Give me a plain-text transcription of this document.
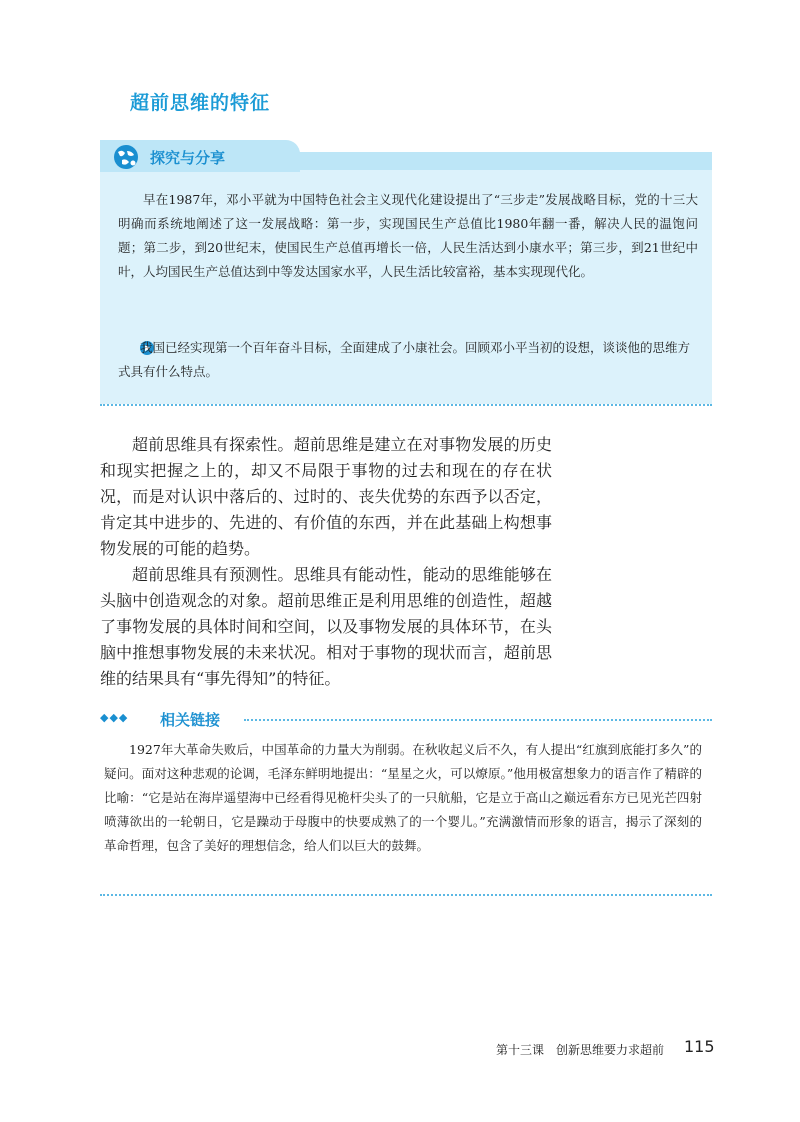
超前思维的特征
探究与分享
早在1987年，邓小平就为中国特色社会主义现代化建设提出了“三步走”发展战略目标，党的十三大明确而系统地阐述了这一发展战略：第一步，实现国民生产总值比1980年翻一番，解决人民的温饱问题；第二步，到20世纪末，使国民生产总值再增长一倍，人民生活达到小康水平；第三步，到21世纪中叶，人均国民生产总值达到中等发达国家水平，人民生活比较富裕，基本实现现代化。
我国已经实现第一个百年奋斗目标，全面建成了小康社会。回顾邓小平当初的设想，谈谈他的思维方式具有什么特点。

超前思维具有探索性。超前思维是建立在对事物发展的历史和现实把握之上的，却又不局限于事物的过去和现在的存在状况，而是对认识中落后的、过时的、丧失优势的东西予以否定，肯定其中进步的、先进的、有价值的东西，并在此基础上构想事物发展的可能的趋势。

超前思维具有预测性。思维具有能动性，能动的思维能够在头脑中创造观念的对象。超前思维正是利用思维的创造性，超越了事物发展的具体时间和空间，以及事物发展的具体环节，在头脑中推想事物发展的未来状况。相对于事物的现状而言，超前思维的结果具有“事先得知”的特征。

◆◆◆ 相关链接
1927年大革命失败后，中国革命的力量大为削弱。在秋收起义后不久，有人提出“红旗到底能打多久”的疑问。面对这种悲观的论调，毛泽东鲜明地提出：“星星之火，可以燎原。”他用极富想象力的语言作了精辟的比喻：“它是站在海岸遥望海中已经看得见桅杆尖头了的一只航船，它是立于高山之巅远看东方已见光芒四射喷薄欲出的一轮朝日，它是躁动于母腹中的快要成熟了的一个婴儿。”充满激情而形象的语言，揭示了深刻的革命哲理，包含了美好的理想信念，给人们以巨大的鼓舞。
第十三课　创新思维要力求超前 115
